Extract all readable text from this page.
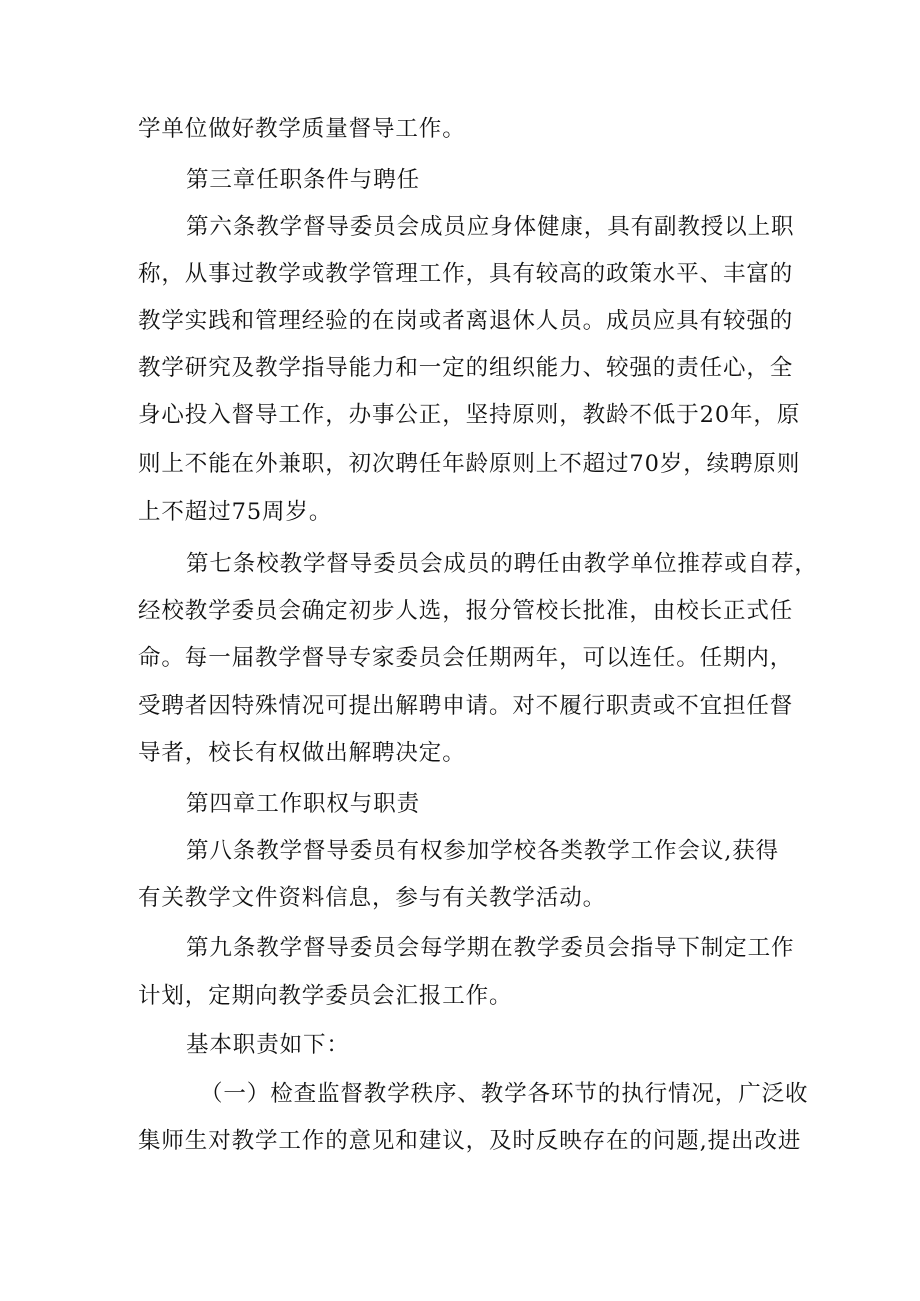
学单位做好教学质量督导工作。
第三章任职条件与聘任
第六条教学督导委员会成员应身体健康，具有副教授以上职
称，从事过教学或教学管理工作，具有较高的政策水平、丰富的
教学实践和管理经验的在岗或者离退休人员。成员应具有较强的
教学研究及教学指导能力和一定的组织能力、较强的责任心，全
身心投入督导工作，办事公正，坚持原则，教龄不低于20年，原
则上不能在外兼职，初次聘任年龄原则上不超过70岁，续聘原则
上不超过75周岁。
第七条校教学督导委员会成员的聘任由教学单位推荐或自荐，
经校教学委员会确定初步人选，报分管校长批准，由校长正式任
命。每一届教学督导专家委员会任期两年，可以连任。任期内，
受聘者因特殊情况可提出解聘申请。对不履行职责或不宜担任督
导者，校长有权做出解聘决定。
第四章工作职权与职责
第八条教学督导委员有权参加学校各类教学工作会议,获得
有关教学文件资料信息，参与有关教学活动。
第九条教学督导委员会每学期在教学委员会指导下制定工作
计划，定期向教学委员会汇报工作。
基本职责如下：
（一）检查监督教学秩序、教学各环节的执行情况，广泛收
集师生对教学工作的意见和建议，及时反映存在的问题,提出改进
